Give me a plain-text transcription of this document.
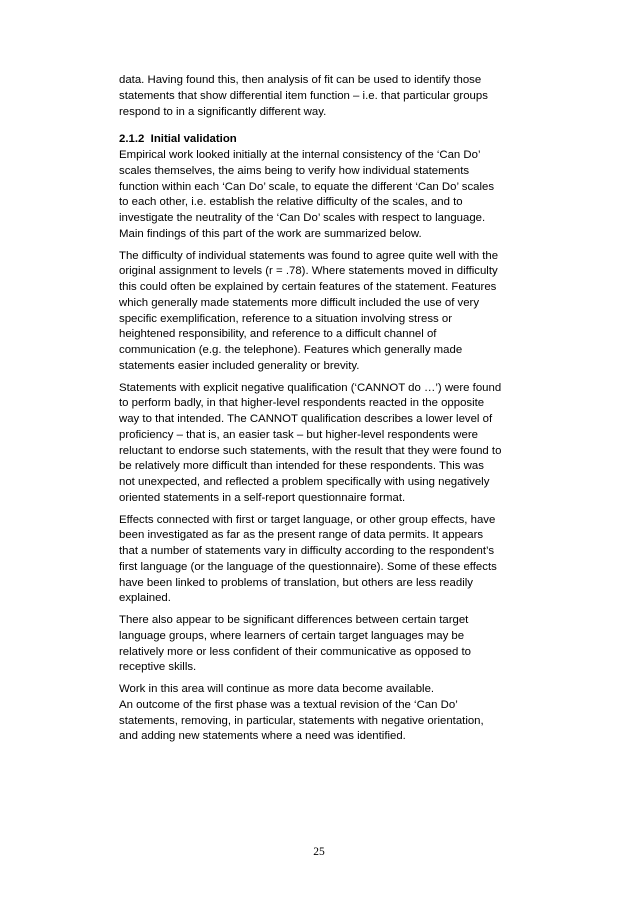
data. Having found this, then analysis of fit can be used to identify those
statements that show differential item function – i.e. that particular groups
respond to in a significantly different way.
2.1.2  Initial validation
Empirical work looked initially at the internal consistency of the ‘Can Do’
scales themselves, the aims being to verify how individual statements
function within each ‘Can Do’ scale, to equate the different ‘Can Do’ scales
to each other, i.e. establish the relative difficulty of the scales, and to
investigate the neutrality of the ‘Can Do’ scales with respect to language.
Main findings of this part of the work are summarized below.
The difficulty of individual statements was found to agree quite well with the
original assignment to levels (r = .78). Where statements moved in difficulty
this could often be explained by certain features of the statement. Features
which generally made statements more difficult included the use of very
specific exemplification, reference to a situation involving stress or
heightened responsibility, and reference to a difficult channel of
communication (e.g. the telephone). Features which generally made
statements easier included generality or brevity.
Statements with explicit negative qualification (‘CANNOT do …’) were found
to perform badly, in that higher-level respondents reacted in the opposite
way to that intended. The CANNOT qualification describes a lower level of
proficiency – that is, an easier task – but higher-level respondents were
reluctant to endorse such statements, with the result that they were found to
be relatively more difficult than intended for these respondents. This was
not unexpected, and reflected a problem specifically with using negatively
oriented statements in a self-report questionnaire format.
Effects connected with first or target language, or other group effects, have
been investigated as far as the present range of data permits. It appears
that a number of statements vary in difficulty according to the respondent’s
first language (or the language of the questionnaire). Some of these effects
have been linked to problems of translation, but others are less readily
explained.
There also appear to be significant differences between certain target
language groups, where learners of certain target languages may be
relatively more or less confident of their communicative as opposed to
receptive skills.
Work in this area will continue as more data become available.
An outcome of the first phase was a textual revision of the ‘Can Do’
statements, removing, in particular, statements with negative orientation,
and adding new statements where a need was identified.
25
